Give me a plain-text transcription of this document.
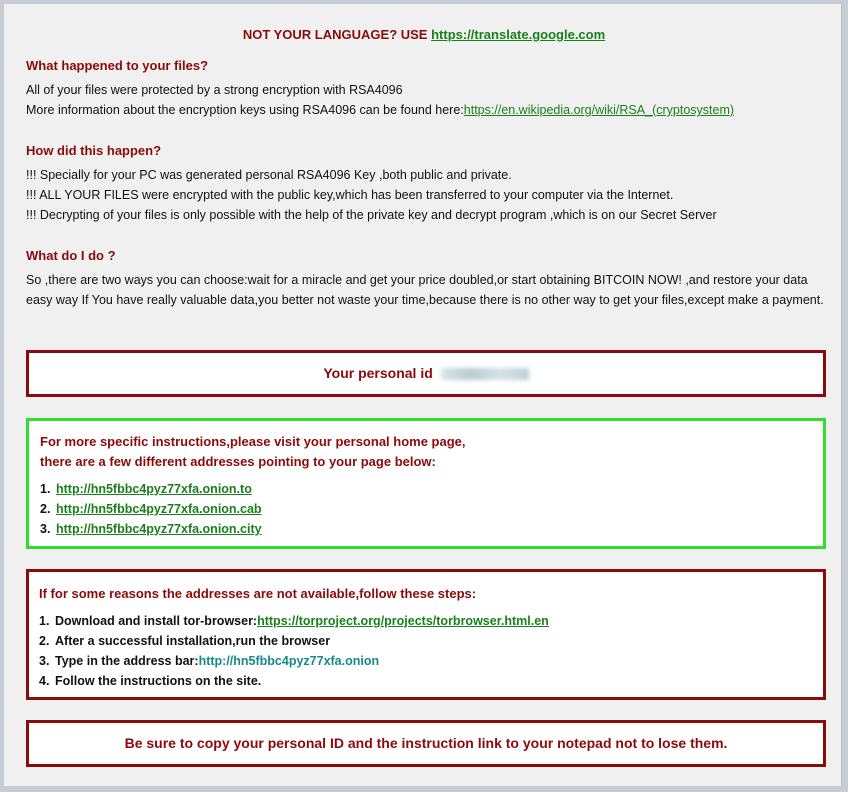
NOT YOUR LANGUAGE? USE https://translate.google.com
What happened to your files?
All of your files were protected by a strong encryption with RSA4096
More information about the encryption keys using RSA4096 can be found here:https://en.wikipedia.org/wiki/RSA_(cryptosystem)
How did this happen?
!!! Specially for your PC was generated personal RSA4096 Key ,both public and private.
!!! ALL YOUR FILES were encrypted with the public key,which has been transferred to your computer via the Internet.
!!! Decrypting of your files is only possible with the help of the private key and decrypt program ,which is on our Secret Server
What do I do ?
So ,there are two ways you can choose:wait for a miracle and get your price doubled,or start obtaining BITCOIN NOW! ,and restore your data easy way If You have really valuable data,you better not waste your time,because there is no other way to get your files,except make a payment.
Your personal id
For more specific instructions,please visit your personal home page,
there are a few different addresses pointing to your page below:
1. http://hn5fbbc4pyz77xfa.onion.to
2. http://hn5fbbc4pyz77xfa.onion.cab
3. http://hn5fbbc4pyz77xfa.onion.city
If for some reasons the addresses are not available,follow these steps:
1. Download and install tor-browser:https://torproject.org/projects/torbrowser.html.en
2. After a successful installation,run the browser
3. Type in the address bar:http://hn5fbbc4pyz77xfa.onion
4. Follow the instructions on the site.
Be sure to copy your personal ID and the instruction link to your notepad not to lose them.
